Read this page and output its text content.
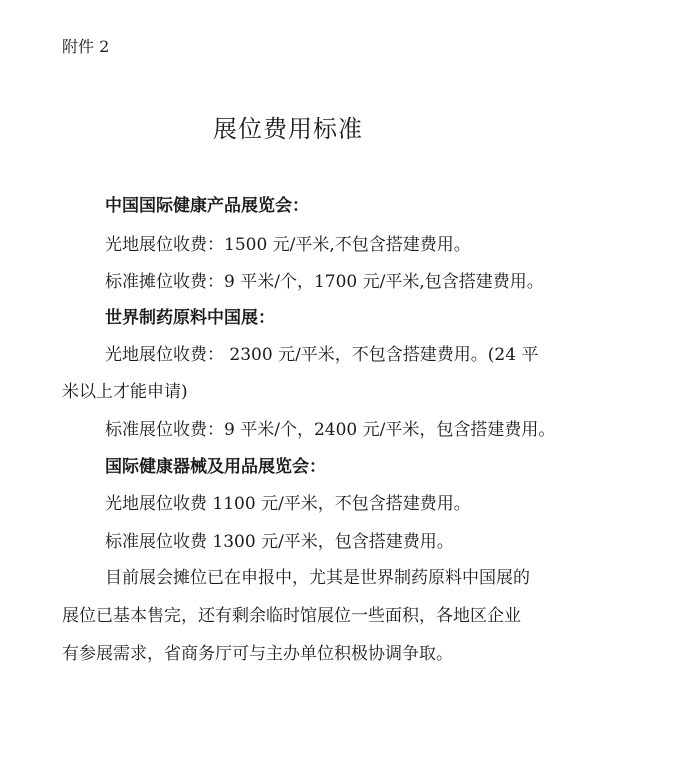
附件 2
展位费用标准
中国国际健康产品展览会：
光地展位收费：1500 元/平米,不包含搭建费用。
标准摊位收费：9 平米/个，1700 元/平米,包含搭建费用。
世界制药原料中国展：
光地展位收费： 2300 元/平米，不包含搭建费用。(24 平
米以上才能申请)
标准展位收费：9 平米/个，2400 元/平米，包含搭建费用。
国际健康器械及用品展览会：
光地展位收费 1100 元/平米，不包含搭建费用。
标准展位收费 1300 元/平米，包含搭建费用。
目前展会摊位已在申报中，尤其是世界制药原料中国展的
展位已基本售完，还有剩余临时馆展位一些面积，各地区企业
有参展需求，省商务厅可与主办单位积极协调争取。
